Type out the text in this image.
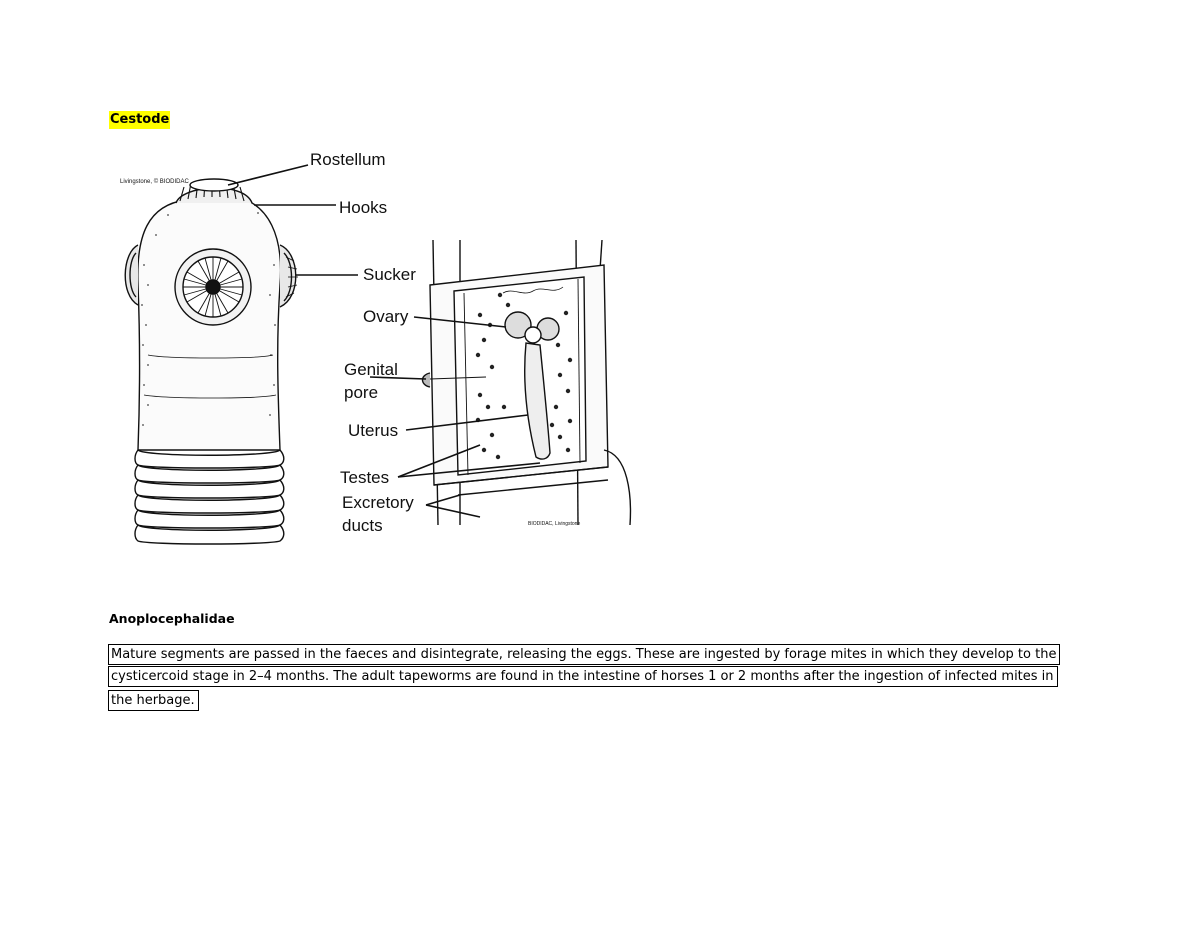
Cestode
Livingstone, © BIODIDAC
BIODIDAC, Livingstone
Rostellum
Hooks
Sucker
Ovary
Genital
pore
Uterus
Testes
Excretory
ducts
Anoplocephalidae
Mature segments are passed in the faeces and disintegrate, releasing the eggs. These are ingested by forage mites in which they develop to the
cysticercoid stage in 2–4 months. The adult tapeworms are found in the intestine of horses 1 or 2 months after the ingestion of infected mites in
the herbage.
